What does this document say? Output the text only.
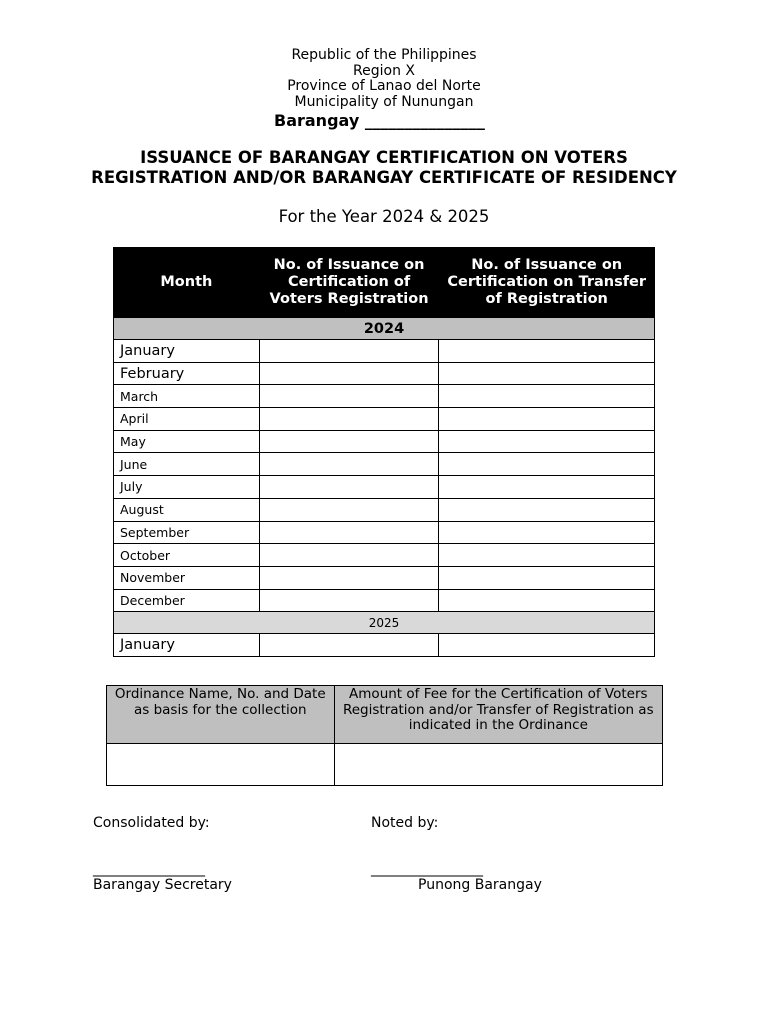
Republic of the Philippines
Region X
Province of Lanao del Norte
Municipality of Nunungan
Barangay _______________
ISSUANCE OF BARANGAY CERTIFICATION ON VOTERS REGISTRATION AND/OR BARANGAY CERTIFICATE OF RESIDENCY
For the Year 2024 & 2025
Month	No. of Issuance on Certification of Voters Registration	No. of Issuance on Certification on Transfer of Registration
2024		
January		
February		
March		
April		
May		
June		
July		
August		
September		
October		
November		
December		
2025		
January		
Ordinance Name, No. and Date as basis for the collection	Amount of Fee for the Certification of Voters Registration and/or Transfer of Registration as indicated in the Ordinance

Consolidated by:	Noted by:
________________	________________
Barangay Secretary	Punong Barangay
